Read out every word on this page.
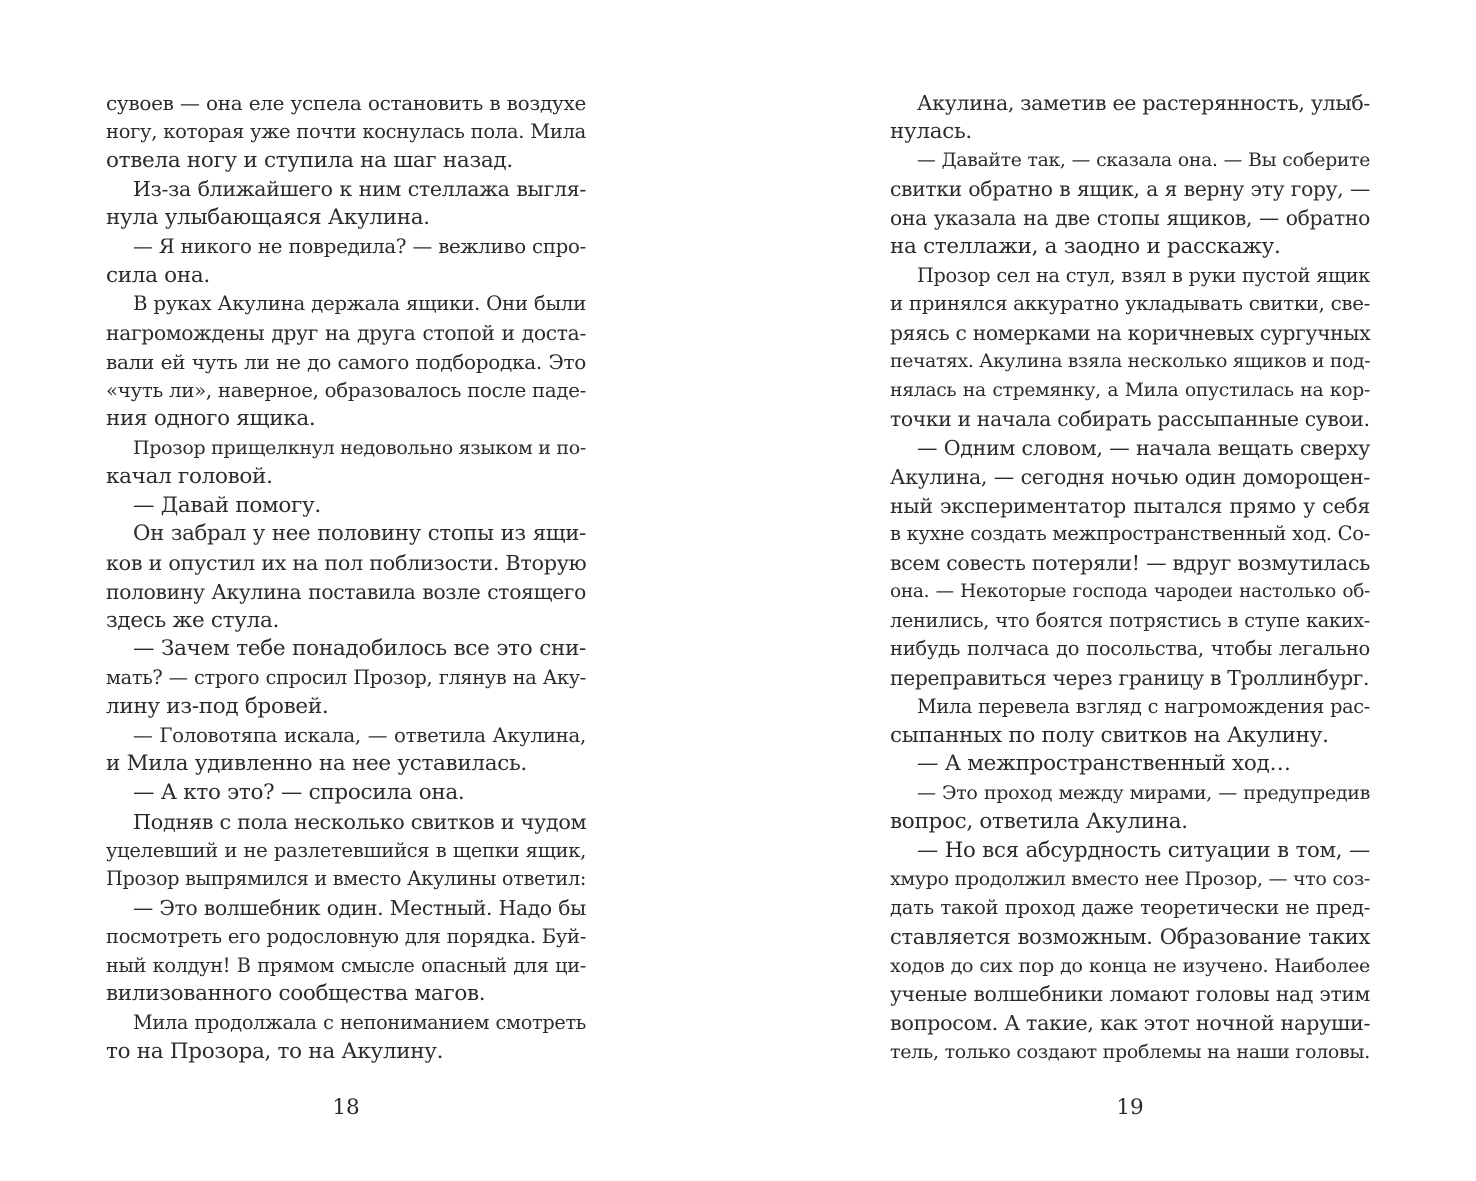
сувоев — она еле успела остановить в воздухе
ногу, которая уже почти коснулась пола. Мила
отвела ногу и ступила на шаг назад.
Из-за ближайшего к ним стеллажа выгля-
нула улыбающаяся Акулина.
— Я никого не повредила? — вежливо спро-
сила она.
В руках Акулина держала ящики. Они были
нагромождены друг на друга стопой и доста-
вали ей чуть ли не до самого подбородка. Это
«чуть ли», наверное, образовалось после паде-
ния одного ящика.
Прозор прищелкнул недовольно языком и по-
качал головой.
— Давай помогу.
Он забрал у нее половину стопы из ящи-
ков и опустил их на пол поблизости. Вторую
половину Акулина поставила возле стоящего
здесь же стула.
— Зачем тебе понадобилось все это сни-
мать? — строго спросил Прозор, глянув на Аку-
лину из-под бровей.
— Головотяпа искала, — ответила Акулина,
и Мила удивленно на нее уставилась.
— А кто это? — спросила она.
Подняв с пола несколько свитков и чудом
уцелевший и не разлетевшийся в щепки ящик,
Прозор выпрямился и вместо Акулины ответил:
— Это волшебник один. Местный. Надо бы
посмотреть его родословную для порядка. Буй-
ный колдун! В прямом смысле опасный для ци-
вилизованного сообщества магов.
Мила продолжала с непониманием смотреть
то на Прозора, то на Акулину.
18
Акулина, заметив ее растерянность, улыб-
нулась.
— Давайте так, — сказала она. — Вы соберите
свитки обратно в ящик, а я верну эту гору, —
она указала на две стопы ящиков, — обратно
на стеллажи, а заодно и расскажу.
Прозор сел на стул, взял в руки пустой ящик
и принялся аккуратно укладывать свитки, све-
ряясь с номерками на коричневых сургучных
печатях. Акулина взяла несколько ящиков и под-
нялась на стремянку, а Мила опустилась на кор-
точки и начала собирать рассыпанные сувои.
— Одним словом, — начала вещать сверху
Акулина, — сегодня ночью один доморощен-
ный экспериментатор пытался прямо у себя
в кухне создать межпространственный ход. Со-
всем совесть потеряли! — вдруг возмутилась
она. — Некоторые господа чародеи настолько об-
ленились, что боятся потрястись в ступе каких-
нибудь полчаса до посольства, чтобы легально
переправиться через границу в Троллинбург.
Мила перевела взгляд с нагромождения рас-
сыпанных по полу свитков на Акулину.
— А межпространственный ход…
— Это проход между мирами, — предупредив
вопрос, ответила Акулина.
— Но вся абсурдность ситуации в том, —
хмуро продолжил вместо нее Прозор, — что соз-
дать такой проход даже теоретически не пред-
ставляется возможным. Образование таких
ходов до сих пор до конца не изучено. Наиболее
ученые волшебники ломают головы над этим
вопросом. А такие, как этот ночной наруши-
тель, только создают проблемы на наши головы.
19
